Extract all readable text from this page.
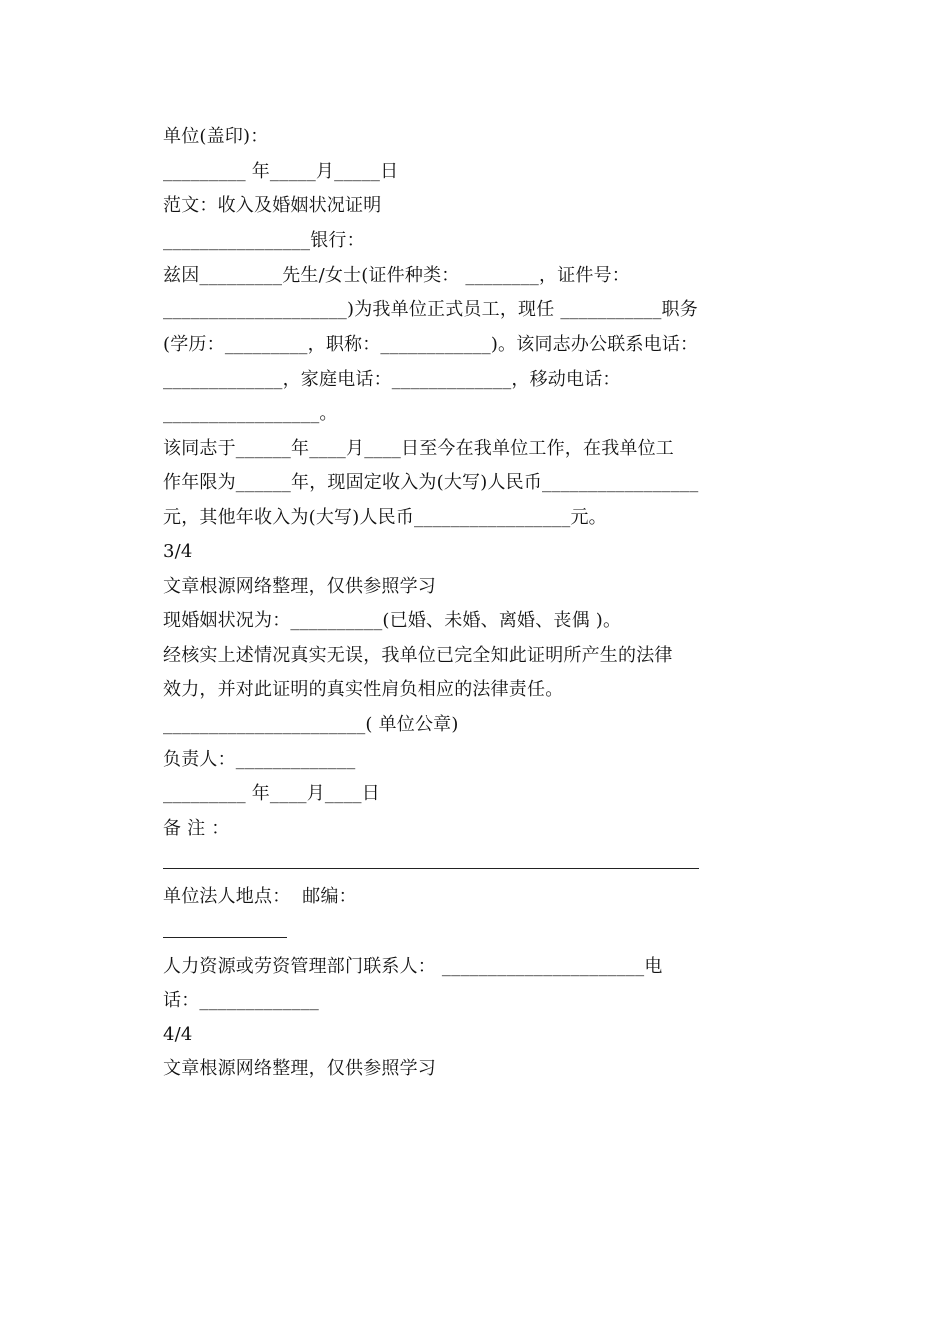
单位(盖印)：
_________ 年_____月_____日
范文：收入及婚姻状况证明
________________银行：
兹因_________先生/女士(证件种类： ________，证件号：
____________________)为我单位正式员工，现任 ___________职务
(学历：_________，职称：____________)。该同志办公联系电话：
_____________，家庭电话：_____________，移动电话：
_________________。
该同志于______年____月____日至今在我单位工作，在我单位工
作年限为______年，现固定收入为(大写)人民币_________________
元，其他年收入为(大写)人民币_________________元。
3/4
文章根源网络整理，仅供参照学习
现婚姻状况为：__________(已婚、未婚、离婚、丧偶 )。
经核实上述情况真实无误，我单位已完全知此证明所产生的法律
效力，并对此证明的真实性肩负相应的法律责任。
______________________( 单位公章)
负责人：_____________
_________ 年____月____日
备 注 ：
单位法人地点：  邮编：
人力资源或劳资管理部门联系人： ______________________电
话：_____________
4/4
文章根源网络整理，仅供参照学习
